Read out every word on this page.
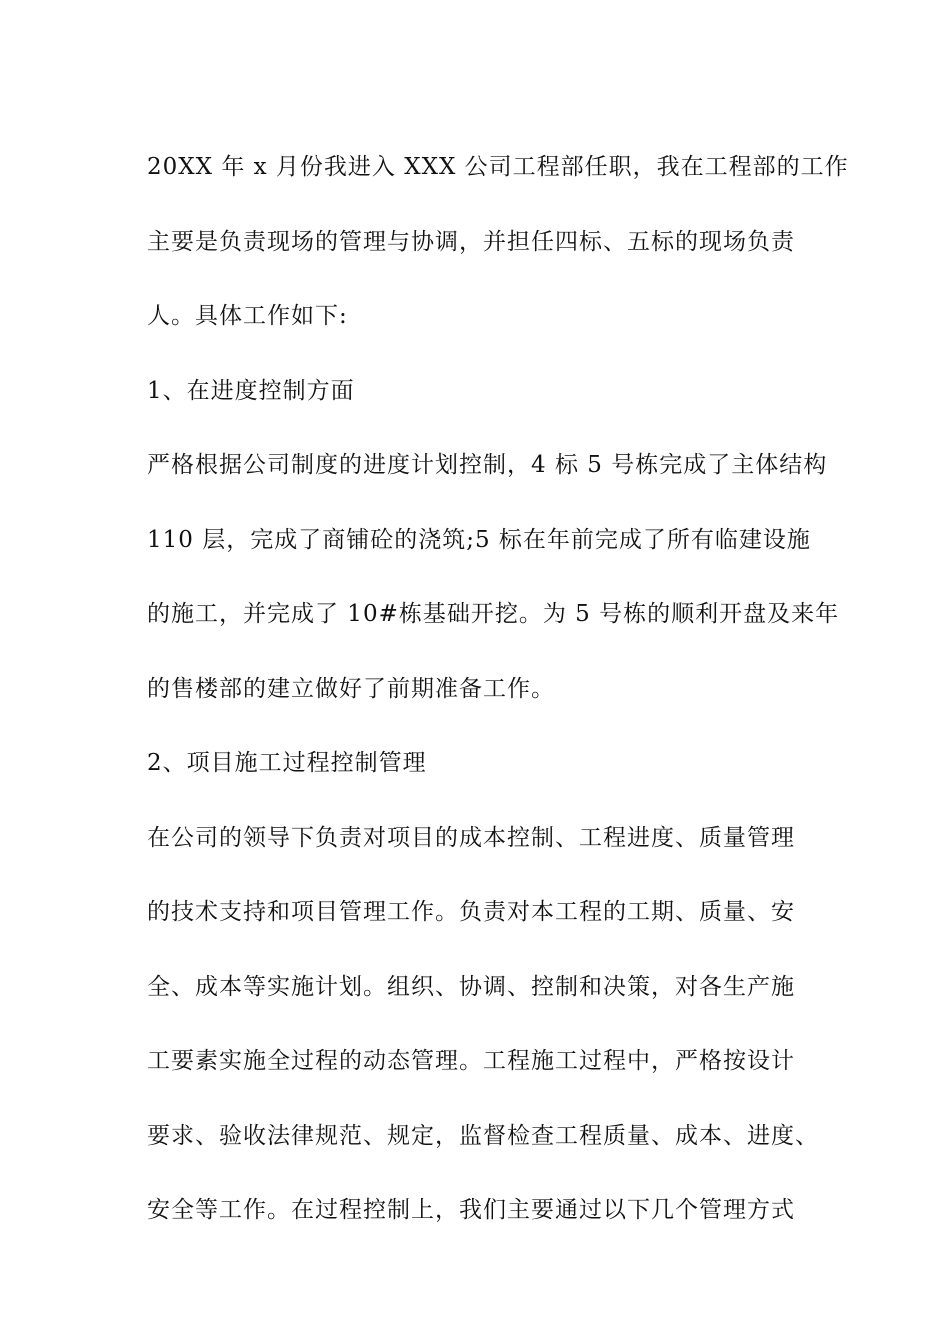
20XX 年 x 月份我进入 XXX 公司工程部任职，我在工程部的工作
主要是负责现场的管理与协调，并担任四标、五标的现场负责
人。具体工作如下:
1、在进度控制方面
严格根据公司制度的进度计划控制，4 标 5 号栋完成了主体结构
110 层，完成了商铺砼的浇筑;5 标在年前完成了所有临建设施
的施工，并完成了 10#栋基础开挖。为 5 号栋的顺利开盘及来年
的售楼部的建立做好了前期准备工作。
2、项目施工过程控制管理
在公司的领导下负责对项目的成本控制、工程进度、质量管理
的技术支持和项目管理工作。负责对本工程的工期、质量、安
全、成本等实施计划。组织、协调、控制和决策，对各生产施
工要素实施全过程的动态管理。工程施工过程中，严格按设计
要求、验收法律规范、规定，监督检查工程质量、成本、进度、
安全等工作。在过程控制上，我们主要通过以下几个管理方式
